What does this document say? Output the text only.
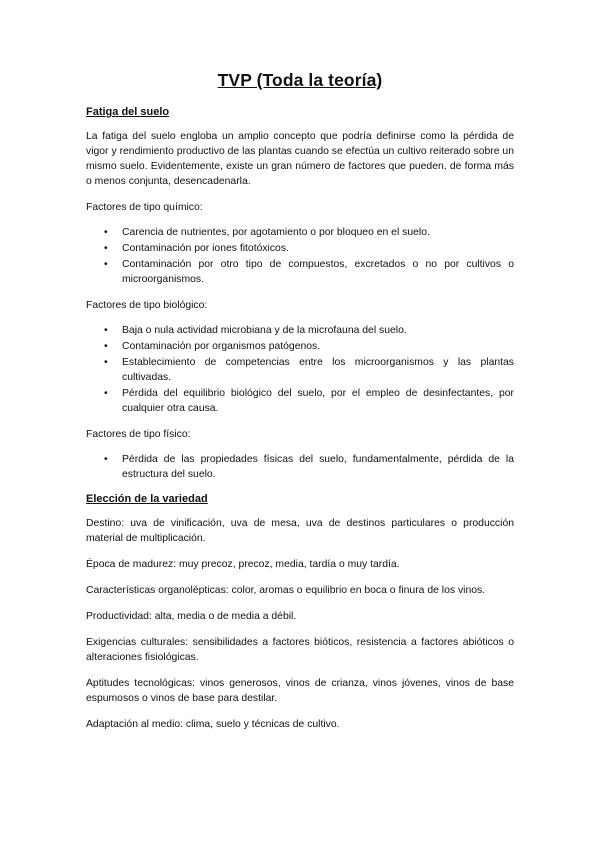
TVP (Toda la teoría)
Fatiga del suelo

La fatiga del suelo engloba un amplio concepto que podría definirse como la pérdida de vigor y rendimiento productivo de las plantas cuando se efectúa un cultivo reiterado sobre un mismo suelo. Evidentemente, existe un gran número de factores que pueden, de forma más o menos conjunta, desencadenarla.

Factores de tipo químico:

• Carencia de nutrientes, por agotamiento o por bloqueo en el suelo.
• Contaminación por iones fitotóxicos.
• Contaminación por otro tipo de compuestos, excretados o no por cultivos o microorganismos.

Factores de tipo biológico:

• Baja o nula actividad microbiana y de la microfauna del suelo.
• Contaminación por organismos patógenos.
• Establecimiento de competencias entre los microorganismos y las plantas cultivadas.
• Pérdida del equilibrio biológico del suelo, por el empleo de desinfectantes, por cualquier otra causa.

Factores de tipo físico:

• Pérdida de las propiedades físicas del suelo, fundamentalmente, pérdida de la estructura del suelo.
Elección de la variedad

Destino: uva de vinificación, uva de mesa, uva de destinos particulares o producción material de multiplicación.

Época de madurez: muy precoz, precoz, media, tardía o muy tardía.

Características organolépticas: color, aromas o equilibrio en boca o finura de los vinos.

Productividad: alta, media o de media a débil.

Exigencias culturales: sensibilidades a factores bióticos, resistencia a factores abióticos o alteraciones fisiológicas.

Aptitudes tecnológicas: vinos generosos, vinos de crianza, vinos jóvenes, vinos de base espumosos o vinos de base para destilar.

Adaptación al medio: clima, suelo y técnicas de cultivo.
